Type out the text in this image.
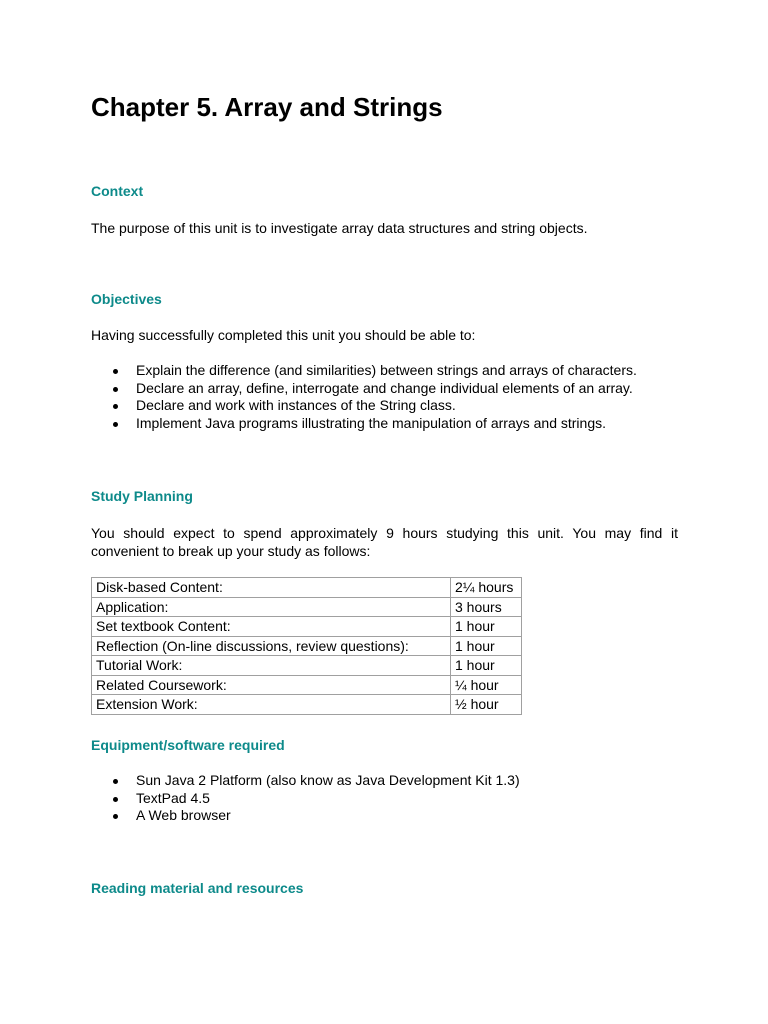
Chapter 5. Array and Strings
Context

The purpose of this unit is to investigate array data structures and string objects.

Objectives

Having successfully completed this unit you should be able to:

Explain the difference (and similarities) between strings and arrays of characters.
Declare an array, define, interrogate and change individual elements of an array.
Declare and work with instances of the String class.
Implement Java programs illustrating the manipulation of arrays and strings.
Study Planning

You should expect to spend approximately 9 hours studying this unit. You may find it convenient to break up your study as follows:

Disk-based Content:	2¼ hours
Application:	3 hours
Set textbook Content:	1 hour
Reflection (On-line discussions, review questions):	1 hour
Tutorial Work:	1 hour
Related Coursework:	¼ hour
Extension Work:	½ hour
Equipment/software required
Sun Java 2 Platform (also know as Java Development Kit 1.3)
TextPad 4.5
A Web browser
Reading material and resources
